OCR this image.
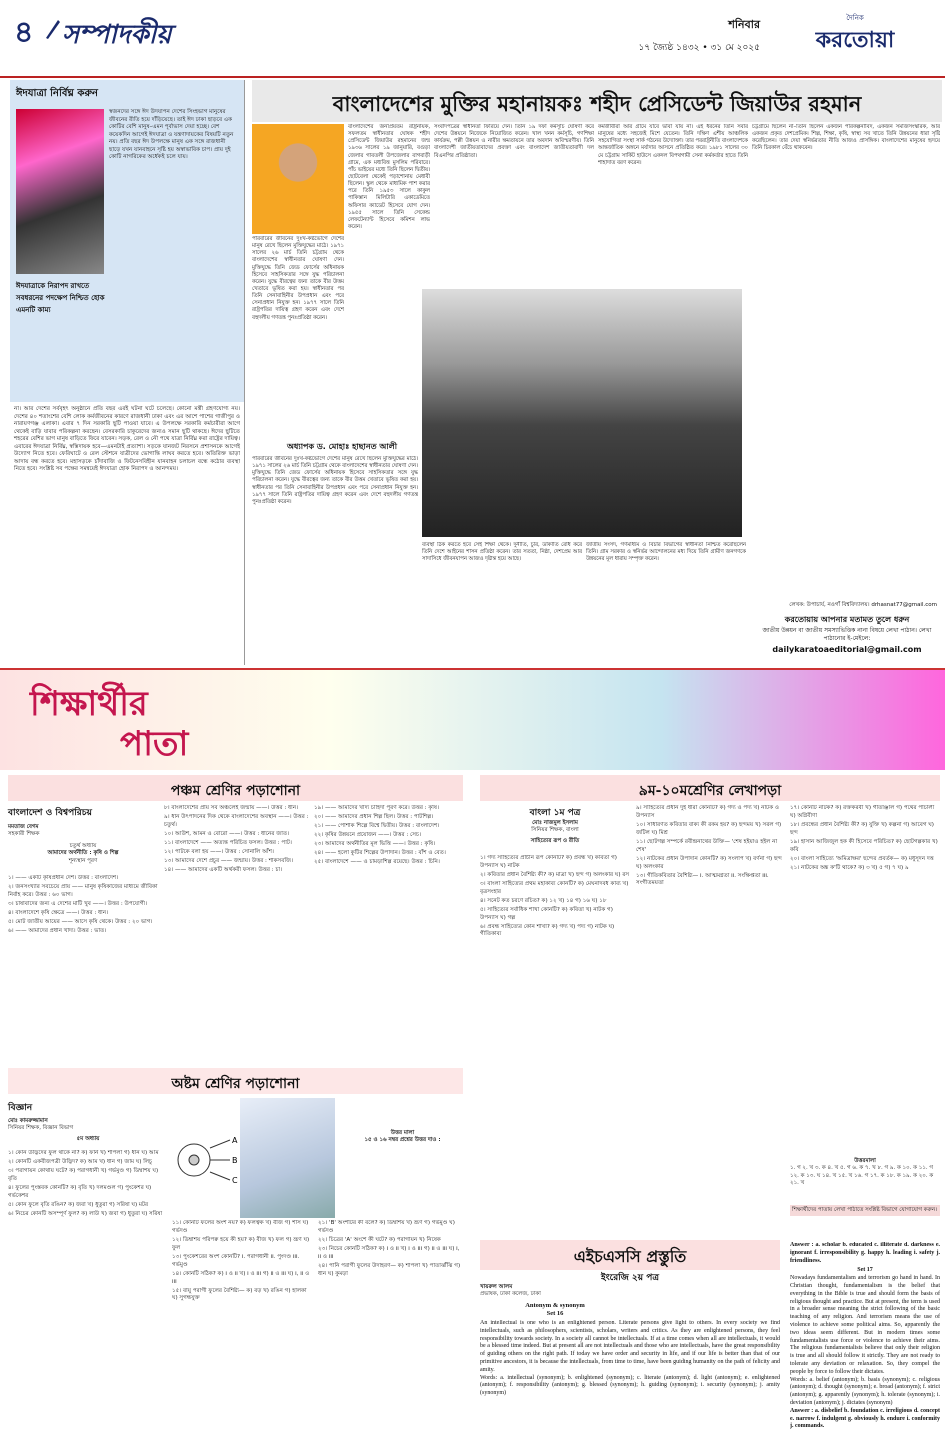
৪ সম্পাদকীয়	শনিবার
১৭ জ্যৈষ্ঠ ১৪৩২ • ৩১ মে ২০২৫
দৈনিক
করতোয়া
ঈদযাত্রা নির্বিঘ্ন করুন
স্বজনদের সঙ্গে ঈদ উদযাপন দেশের সিংহভাগ মানুষের জীবনের রীতি হয়ে দাঁড়িয়েছে। তাই ঈদ ঢাকা ছাড়বে এক কোটির বেশি মানুষ–এমন পূর্বাভাস দেয়া হচ্ছে। বেশ কয়েকদিন আগেই ঈদযাত্রা ও যন্ত্রণাদায়কের বিষয়টি নতুন নয়। প্রতি বছর ঈদ উপলক্ষে মানুষ এক সঙ্গে রাজধানী ছাড়ে যখন যানবাহনে সৃষ্টি হয় অস্বাভাবিক চাপ। প্রায় দুই কোটি নাগরিকের অর্ধেকই চলে যায়।
ঈদযাত্রাকে নিরাপদ রাখতে সবধরনের পদক্ষেপ নিশ্চিত হোক এমনটি কাম্য
না। আর দেশের সর্ববৃহৎ অনুষ্ঠানে প্রতি বছর এরই ঘটনা ঘটে চলেছে। কোনো মন্ত্রী গ্রহণযোগ্য নয়। দেশের ৪০ শতাংশের বেশি লোক কর্মজীবনের কারণে রাজধানী ঢাকা এবং এর আশে পাশের গাজীপুর ও নারায়ণগঞ্জ এলাকা। এবার ৭ দিন সরকারি ছুটি পাওয়া যাবে। এ উপলক্ষে সরকারি কর্মচারীরা আগে থেকেই বাড়ি যাবার পরিকল্পনা করছেন। বেসরকারি চাকুরেদের জন্যও সমান ছুটি থাকছে। ঈদের ছুটিতে শহরের বেশির ভাগ মানুষ বাড়িতে ফিরে যাবেন। সড়ক, রেল ও নৌ পথে যাত্রা নির্বিঘ্ন করা রাষ্ট্রের দায়িত্ব। এবারের ঈদযাত্রা নির্বিঘ্ন, স্বস্তিদায়ক হবে—এমনটাই প্রত্যাশা। সড়কে যানজট নিরসনে প্রশাসনকে আগেই উদ্যোগ নিতে হবে। ফেরিঘাটে ও রেল স্টেশনে যাত্রীদের ভোগান্তি লাঘব করতে হবে। অতিরিক্ত ভাড়া আদায় বন্ধ করতে হবে। মহাসড়কে চাঁদাবাজি ও ফিটনেসবিহীন যানবাহন চলাচল বন্ধে কঠোর ব্যবস্থা নিতে হবে। সংশ্লিষ্ট সব পক্ষের সমন্বয়েই ঈদযাত্রা হোক নিরাপদ ও আনন্দময়।
বাংলাদেশের মুক্তির মহানায়কঃ শহীদ প্রেসিডেন্ট জিয়াউর রহমান
বাংলাদেশের জনপ্রিয়তম রাষ্ট্রনায়ক, সফলতম স্বাধীনতার ঘোষক শহীদ প্রেসিডেন্ট জিয়াউর রহমানের জন্ম ১৯৩৬ সালের ১৯ জানুয়ারি, বগুড়া জেলার গাবতলী উপজেলার বাগবাড়ী গ্রামে, এক মধ্যবিত্ত মুসলিম পরিবারে। পাঁচ ভাইয়ের মধ্যে তিনি ছিলেন দ্বিতীয়। ছোটবেলা থেকেই পড়াশোনায় মেধাবী ছিলেন। স্কুল থেকে মাধ্যমিক পাশ করার পরে তিনি ১৯৫৩ সালে কাকুল পাকিস্তান মিলিটারি একাডেমিতে অফিসার ক্যাডেট হিসেবে যোগ দেন। ১৯৫৫ সালে তিনি সেকেন্ড লেফটেন্যান্ট হিসেবে কমিশন লাভ করেন।
পরিবারের জীবনের দুঃখ-কষ্টভোগে দেশের মানুষ রেখে ছিলেন মুক্তিযুদ্ধের মাঠে। ১৯৭১ সালের ২৬ মার্চ তিনি চট্টগ্রাম থেকে বাংলাদেশের স্বাধীনতার ঘোষণা দেন। মুক্তিযুদ্ধে তিনি জেড ফোর্সের অধিনায়ক হিসেবে সাহসিকতার সঙ্গে যুদ্ধ পরিচালনা করেন। যুদ্ধে বীরত্বের জন্য তাকে বীর উত্তম খেতাবে ভূষিত করা হয়। স্বাধীনতার পর তিনি সেনাবাহিনীর উপপ্রধান এবং পরে সেনাপ্রধান নিযুক্ত হন। ১৯৭৭ সালে তিনি রাষ্ট্রপতির দায়িত্ব গ্রহণ করেন এবং দেশে বহুদলীয় গণতন্ত্র পুনঃপ্রতিষ্ঠা করেন।
সংবাদপত্রের স্বাধীনতা ফিরিয়ে দেন। তিনি ১৯ দফা কর্মসূচি ঘোষণা করে দেশের উন্নয়নে নিজেকে নিয়োজিত করেন। খাল খনন কর্মসূচি, গণশিক্ষা কার্যক্রম, পল্লী উন্নয়ন ও নারীর ক্ষমতায়নে তার অবদান অবিস্মরণীয়। তিনি বাংলাদেশী জাতীয়তাবাদের প্রবক্তা এবং বাংলাদেশ জাতীয়তাবাদী দল বিএনপির প্রতিষ্ঠাতা।
কর্মজীবীরা আর গ্রামে যাবে ভাবা যায় না। এই ধরনের তিনি সবার মানুষের মধ্যে সহজেই মিশে যেতেন। তিনি দক্ষিণ এশীয় আঞ্চলিক সহযোগিতা সংস্থা সার্ক গঠনের উদ্যোক্তা। তার পররাষ্ট্রনীতি বাংলাদেশকে আন্তর্জাতিক অঙ্গনে মর্যাদার আসনে প্রতিষ্ঠিত করে। ১৯৮১ সালের ৩০ মে চট্টগ্রাম সার্কিট হাউসে একদল বিপথগামী সেনা কর্মকর্তার হাতে তিনি শাহাদাত বরণ করেন।
চট্টগ্রামে ছিলেন না–তিনি ছিলেন একজন পরিকল্পনাবিদ, একজন সমাজসংস্কারক, আর একজন প্রকৃত দেশপ্রেমিক। শিল্প, শিক্ষা, কৃষি, স্বাস্থ্য সব খাতে তিনি উন্নয়নের ধারা সৃষ্টি করেছিলেন। তার দেয়া স্বনির্ভরতার নীতি আজও প্রাসঙ্গিক। বাংলাদেশের মানুষের হৃদয়ে তিনি চিরকাল বেঁচে থাকবেন।
অধ্যাপক ড. মোহাঃ হাছানত আলী
পরিবারের জীবনের দুঃখ-কষ্টভোগে দেশের মানুষ রেখে ছিলেন মুক্তিযুদ্ধের মাঠে। ১৯৭১ সালের ২৬ মার্চ তিনি চট্টগ্রাম থেকে বাংলাদেশের স্বাধীনতার ঘোষণা দেন। মুক্তিযুদ্ধে তিনি জেড ফোর্সের অধিনায়ক হিসেবে সাহসিকতার সঙ্গে যুদ্ধ পরিচালনা করেন। যুদ্ধে বীরত্বের জন্য তাকে বীর উত্তম খেতাবে ভূষিত করা হয়। স্বাধীনতার পর তিনি সেনাবাহিনীর উপপ্রধান এবং পরে সেনাপ্রধান নিযুক্ত হন। ১৯৭৭ সালে তিনি রাষ্ট্রপতির দায়িত্ব গ্রহণ করেন এবং দেশে বহুদলীয় গণতন্ত্র পুনঃপ্রতিষ্ঠা করেন।
ব্যবস্থা ঠিক করতে হবে সেই শিক্ষা থেকে। দুর্নীতি, চুরি, ডাকাতি রোধ করে তিনি দেশে আইনের শাসন প্রতিষ্ঠা করেন। তার সততা, নিষ্ঠা, দেশপ্রেম আর সাদাসিধে জীবনযাপন আজও দৃষ্টান্ত হয়ে আছে।
জাতীয় সংসদ, গণমাধ্যম ও বিচার বিভাগের স্বাধীনতা নিশ্চিত করেছিলেন তিনি। গ্রাম সরকার ও স্বনির্ভর আন্দোলনের মধ্য দিয়ে তিনি গ্রামীণ জনগণকে উন্নয়নের মূল ধারায় সম্পৃক্ত করেন।
লেখক: উপাচার্য, নওগাঁ বিশ্ববিদ্যালয়। drhasnat77@gmail.com
করতোয়ায় আপনার মতামত তুলে ধরুন
জাতীয় উন্নয়ন বা জাতীয় সমস্যাভিত্তিক নানা বিষয়ে লেখা পাঠান। লেখা পাঠানোর ই-মেইলে:
dailykaratoaeditorial@gmail.com
শিক্ষার্থীর
পাতা
পঞ্চম শ্রেণির পড়াশোনা
বাংলাদেশ ও বিশ্বপরিচয়
মমতাজ বেগম
সহকারী শিক্ষক
চতুর্থ অধ্যায়
আমাদের অর্থনীতি : কৃষি ও শিল্প
শূন্যস্থান পূরণ
১। —— একটি কৃষিপ্রধান দেশ। উত্তর : বাংলাদেশ।
২। জনসংখ্যার সবচেয়ে প্রায় —— মানুষ কৃষিকাজের মাধ্যমে জীবিকা নির্বাহ করে। উত্তর : ৬০ ভাগ।
৩। চাষাবাদের জন্য এ দেশের মাটি খুব ——। উত্তর : উপযোগী।
৪। বাংলাদেশে কৃষি ক্ষেত্রে ——। উত্তর : ধান।
৫। মোট জাতীয় আয়ের —— আসে কৃষি থেকে। উত্তর : ২০ ভাগ।
৬। —— আমাদের প্রধান খাদ্য। উত্তর : ভাত।
৮। বাংলাদেশের প্রায় সব অঞ্চলেই জন্মায় ——। উত্তর : ধান।
৯। ধান উৎপাদনের দিক থেকে বাংলাদেশের অবস্থান ——। উত্তর : চতুর্থ।
১০। আউশ, আমন ও বোরো ——। উত্তর : ধানের জাত।
১১। বাংলাদেশে —— অত্যন্ত পরিচিত ফসল। উত্তর : পাট।
১২। পাটকে বলা হয় ——। উত্তর : সোনালি আঁশ।
১৩। আমাদের দেশে প্রচুর —— জন্মায়। উত্তর : শাকসবজি।
১৪। —— আমাদের একটি অর্থকরী ফসল। উত্তর : চা।
১৯। —— আমাদের খাদ্য চাহিদা পূরণ করে। উত্তর : কৃষি।
২০। —— আমাদের প্রধান শিল্প ছিল। উত্তর : পাটশিল্প।
২১। —— পোশাক শিল্পে বিশ্বে দ্বিতীয়। উত্তর : বাংলাদেশ।
২২। কৃষির উন্নয়নে প্রয়োজন ——। উত্তর : সেচ।
২৩। আমাদের অর্থনীতির মূল ভিত্তি ——। উত্তর : কৃষি।
২৪। —— হলো কুটির শিল্পের উপাদান। উত্তর : বাঁশ ও বেত।
২৫। বাংলাদেশে —— ও চামড়াশিল্প রয়েছে। উত্তর : চিনি।
অষ্টম শ্রেণির পড়াশোনা
বিজ্ঞান
মোঃ কামরুজ্জামান
সিনিয়র শিক্ষক, বিজ্ঞান বিভাগ
৫ম অধ্যায়
১। কোন উদ্ভিদের ফুল থাকে না? ক) ফার্ন খ) শাপলা গ) ধান ঘ) আম
২। কোনটি একবীজপত্রী উদ্ভিদ? ক) আম খ) ধান গ) জাম ঘ) লিচু
৩। পরাগায়ন কোথায় ঘটে? ক) পরাগধানী খ) গর্ভমুণ্ড গ) ডিম্বাশয় ঘ) বৃতি
৪। ফুলের পুংস্তবক কোনটি? ক) বৃতি খ) দলমণ্ডল গ) পুংকেশর ঘ) গর্ভকেশর
৫। কোন ফুলে বৃতি রঙিন? ক) জবা খ) ধুতুরা গ) সরিষা ঘ) মটর
৬। নিচের কোনটি অসম্পূর্ণ ফুল? ক) লাউ খ) জবা গ) ধুতুরা ঘ) সরিষা
A
B
C
উত্তর মালা
১৫ ও ১৬ নম্বর প্রশ্নের উত্তর দাও :
১১। কোনটি ফলের অংশ নয়? ক) ফলত্বক খ) বীজ গ) শাঁস ঘ) গর্ভদণ্ড
১২। ডিম্বাশয় পরিপক্ব হয়ে কী হয়? ক) বীজ খ) ফল গ) ভ্রূণ ঘ) ফুল
১৩। পুংকেশরের অংশ কোনটি? i. পরাগধানী ii. পুংদণ্ড iii. গর্ভমুণ্ড
১৪। কোনটি সঠিক? ক) i ও ii খ) i ও iii গ) ii ও iii ঘ) i, ii ও iii
১৫। বায়ু পরাগী ফুলের বৈশিষ্ট্য— ক) বড় খ) রঙিন গ) হালকা ঘ) সুগন্ধযুক্ত
২১। 'B' অংশটির কী বলে? ক) ডিম্বাশয় খ) ভ্রূণ গ) গর্ভমুণ্ড ঘ) গর্ভদণ্ড
২২। চিত্রের 'A' অংশে কী ঘটে? ক) পরাগায়ন খ) নিষেক
২৩। নিচের কোনটি সঠিক? ক) i ও ii খ) i ও iii গ) ii ও iii ঘ) i, ii ও iii
২৪। পানি পরাগী ফুলের উদাহরণ— ক) শাপলা খ) পাতাঝাঁঝি গ) ধান ঘ) কুমড়া
৯ম-১০মশ্রেণির লেখাপড়া
বাংলা ১ম পত্র
মোঃ নাজমুল ইসলাম
সিনিয়র শিক্ষক, বাংলা
সাহিত্যের রূপ ও রীতি
১। গদ্য সাহিত্যের প্রাচীন রূপ কোনটি? ক) প্রবন্ধ খ) কবিতা গ) উপন্যাস ঘ) নাটক
২। কবিতার প্রধান বৈশিষ্ট্য কী? ক) মাত্রা খ) ছন্দ গ) অলংকার ঘ) রস
৩। বাংলা সাহিত্যের প্রথম মহাকাব্য কোনটি? ক) মেঘনাদবধ কাব্য খ) বৃত্রসংহার
৪। সনেট কত চরণে রচিত? ক) ১২ খ) ১৪ গ) ১৬ ঘ) ১৮
৫। সাহিত্যের সর্বাধিক শাখা কোনটি? ক) কবিতা খ) নাটক গ) উপন্যাস ঘ) গল্প
৬। প্রবন্ধ সাহিত্যের কোন শাখা? ক) গদ্য খ) পদ্য গ) নাটক ঘ) গীতিকাব্য
৯। সাহিত্যের প্রধান দুই ধারা কোনটি? ক) গদ্য ও পদ্য খ) নাটক ও উপন্যাস
১০। সাধারণত কবিতার বাক্য কী রকম হয়? ক) ছন্দময় খ) সরল গ) জটিল ঘ) মিশ্র
১১। ছোটগল্প সম্পর্কে রবীন্দ্রনাথের উক্তি— 'শেষ হইয়াও হইল না শেষ'
১২। নাটকের প্রধান উপাদান কোনটি? ক) সংলাপ খ) বর্ণনা গ) ছন্দ ঘ) অলংকার
১৩। গীতিকবিতার বৈশিষ্ট্য— i. আত্মমগ্নতা ii. সংক্ষিপ্ততা iii. সংগীতময়তা
১৭। কোনটি নাটক? ক) রক্তকরবী খ) গীতাঞ্জলি গ) পথের পাঁচালী ঘ) অগ্নিবীণা
১৮। প্রবন্ধের প্রধান বৈশিষ্ট্য কী? ক) যুক্তি খ) কল্পনা গ) আবেগ ঘ) ছন্দ
১৯। হাসান আজিজুল হক কী হিসেবে পরিচিত? ক) ছোটগল্পকার খ) কবি
২০। বাংলা সাহিত্যে 'অমিত্রাক্ষর' ছন্দের প্রবর্তক— ক) মধুসূদন দত্ত
২১। নাটকের অঙ্ক ক'টি থাকে? ক) ৩ খ) ৫ গ) ৭ ঘ) ৯
উত্তরমালা
১. গ ২. খ ৩. ক ৪. খ ৫. গ ৬. ক ৭. খ ৮. গ ৯. ক ১০. ক ১১. গ ১২. ক ১৩. ঘ ১৪. খ ১৫. খ ১৬. গ ১৭. ক ১৮. ক ১৯. ক ২০. ক ২১. খ
শিক্ষার্থীদের পাতায় লেখা পাঠাতে সংশ্লিষ্ট বিভাগে যোগাযোগ করুন।
এইচএসসি প্রস্তুতি
ইংরেজি ২য় পত্র
খায়রুল আলম
প্রভাষক, ঢাকা কলেজ, ঢাকা
Antonym & synonym
Set 16
An intellectual is one who is an enlightened person. Literate persons give light to others. In every society we find intellectuals, such as philosophers, scientists, scholars, writers and critics. As they are enlightened persons, they feel responsibility towards society. In a society all cannot be intellectuals. If at a time comes when all are intellectuals, it would be a blessed time indeed. But at present all are not intellectuals and those who are intellectuals, have the great responsibility of guiding others on the right path. If today we have order and security in life, and if our life is better than that of our primitive ancestors, it is because the intellectuals, from time to time, have been guiding humanity on the path of felicity and amity.
Words: a. intellectual (synonym); b. enlightened (synonym); c. literate (antonym); d. light (antonym); e. enlightened (antonym); f. responsibility (antonym); g. blessed (synonym); h. guiding (synonym); i. security (synonym); j. amity (synonym)
Answer : a. scholar b. educated c. illiterate d. darkness e. ignorant f. irresponsibility g. happy h. leading i. safety j. friendliness.
Set 17
Nowadays fundamentalism and terrorism go hand in hand. In Christian thought, fundamentalism is the belief that everything in the Bible is true and should form the basis of religious thought and practice. But at present, the term is used in a broader sense meaning the strict following of the basic teaching of any religion. And terrorism means the use of violence to achieve some political aims. So, apparently the two ideas seem different. But in modern times some fundamentalists use force or violence to achieve their aims. The religious fundamentalists believe that only their religion is true and all should follow it strictly. They are not ready to tolerate any deviation or relaxation. So, they compel the people by force to follow their dictates.
Words: a. belief (antonym); b. basis (synonym); c. religious (antonym); d. thought (synonym); e. broad (antonym); f. strict (antonym); g. apparently (synonym); h. tolerate (synonym); i. deviation (antonym); j. dictates (synonym)
Answer : a. disbelief b. foundation c. irreligious d. concept e. narrow f. indulgent g. obviously h. endure i. conformity j. commands.
